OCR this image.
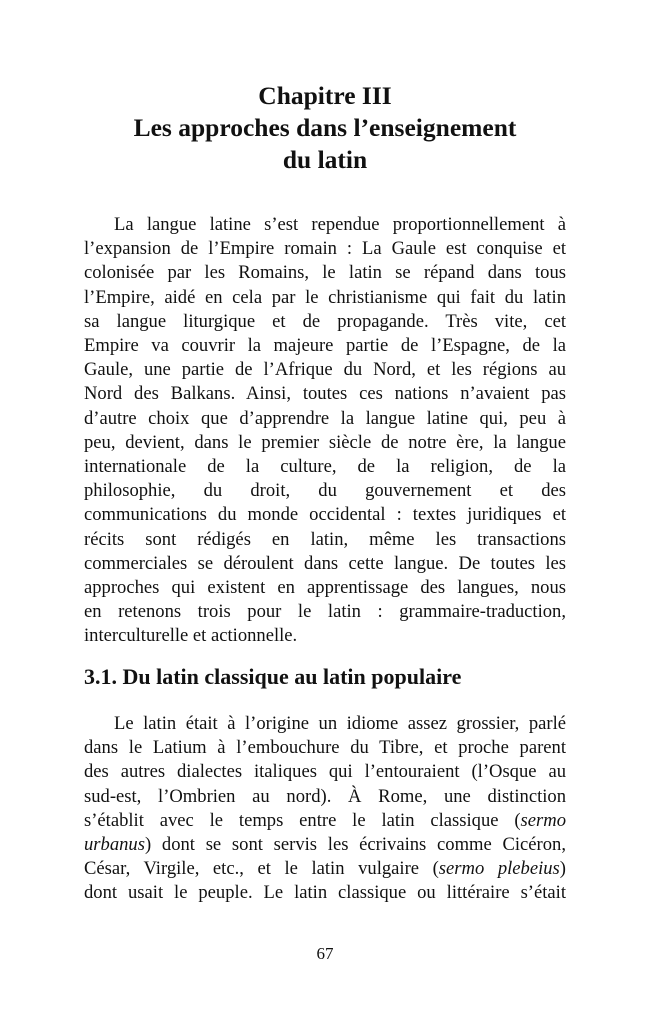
Chapitre III
Les approches dans l’enseignement
du latin

La langue latine s’est rependue proportionnellement à
l’expansion de l’Empire romain : La Gaule est conquise et
colonisée par les Romains, le latin se répand dans tous
l’Empire, aidé en cela par le christianisme qui fait du latin
sa langue liturgique et de propagande. Très vite, cet
Empire va couvrir la majeure partie de l’Espagne, de la
Gaule, une partie de l’Afrique du Nord, et les régions au
Nord des Balkans. Ainsi, toutes ces nations n’avaient pas
d’autre choix que d’apprendre la langue latine qui, peu à
peu, devient, dans le premier siècle de notre ère, la langue
internationale de la culture, de la religion, de la
philosophie, du droit, du gouvernement et des
communications du monde occidental : textes juridiques et
récits sont rédigés en latin, même les transactions
commerciales se déroulent dans cette langue. De toutes les
approches qui existent en apprentissage des langues, nous
en retenons trois pour le latin : grammaire-traduction,
interculturelle et actionnelle.

3.1. Du latin classique au latin populaire

Le latin était à l’origine un idiome assez grossier, parlé
dans le Latium à l’embouchure du Tibre, et proche parent
des autres dialectes italiques qui l’entouraient (l’Osque au
sud-est, l’Ombrien au nord). À Rome, une distinction
s’établit avec le temps entre le latin classique (sermo
urbanus) dont se sont servis les écrivains comme Cicéron,
César, Virgile, etc., et le latin vulgaire (sermo plebeius)
dont usait le peuple. Le latin classique ou littéraire s’était

67
